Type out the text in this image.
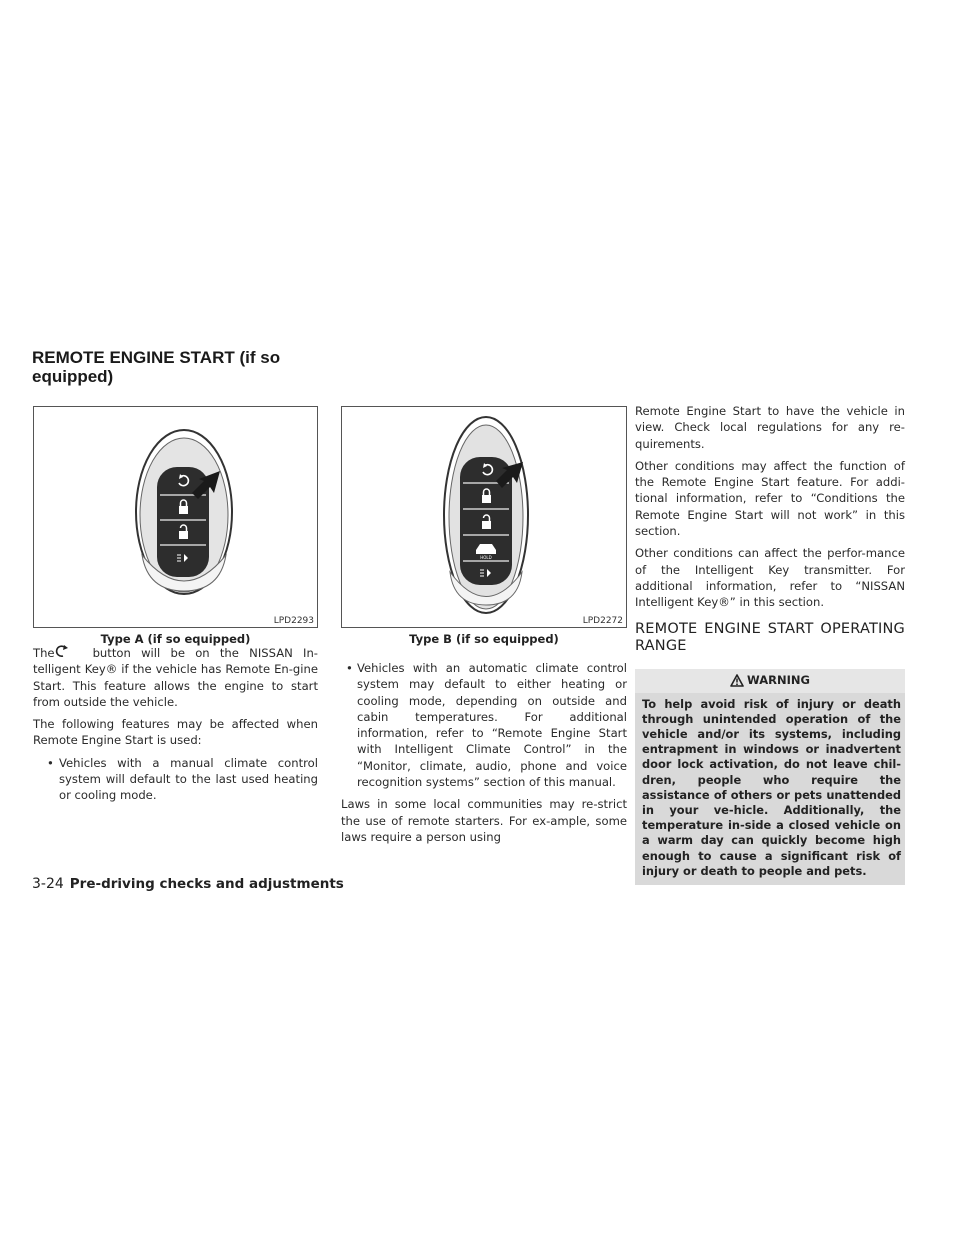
REMOTE ENGINE START (if so equipped)
LPD2293
Type A (if so equipped)
HOLD
LPD2272
Type B (if so equipped)

The	button will be on the NISSAN In-telligent Key® if the vehicle has Remote En-gine Start. This feature allows the engine to start from outside the vehicle.

The following features may be affected when Remote Engine Start is used:

• Vehicles with a manual climate control system will default to the last used heating or cooling mode.

• Vehicles with an automatic climate control system may default to either heating or cooling mode, depending on outside and cabin temperatures. For additional information, refer to “Remote Engine Start with Intelligent Climate Control” in the “Monitor, climate, audio, phone and voice recognition systems” section of this manual.

Laws in some local communities may re-strict the use of remote starters. For ex-ample, some laws require a person using

Remote Engine Start to have the vehicle in view. Check local regulations for any re-quirements.

Other conditions may affect the function of the Remote Engine Start feature. For addi-tional information, refer to “Conditions the Remote Engine Start will not work” in this section.

Other conditions can affect the perfor-mance of the Intelligent Key transmitter. For additional information, refer to “NISSAN Intelligent Key®” in this section.

REMOTE ENGINE START OPERATING RANGE
WARNING
To help avoid risk of injury or death through unintended operation of the vehicle and/or its systems, including entrapment in windows or inadvertent door lock activation, do not leave chil-dren, people who require the assistance of others or pets unattended in your ve-hicle. Additionally, the temperature in-side a closed vehicle on a warm day can quickly become high enough to cause a significant risk of injury or death to people and pets.
3-24 Pre-driving checks and adjustments
